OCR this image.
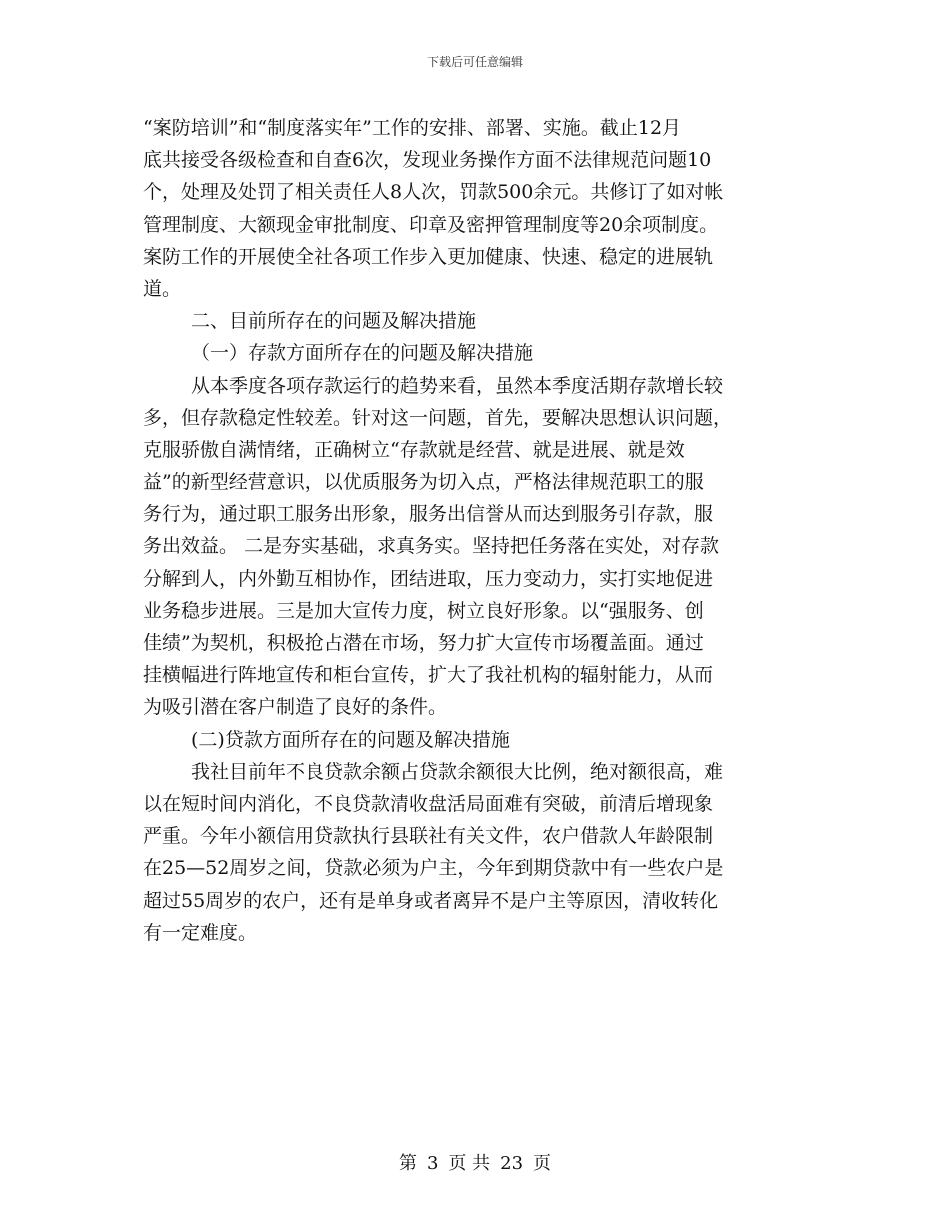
下载后可任意编辑
“案防培训”和“制度落实年”工作的安排、部署、实施。截止12月
底共接受各级检查和自查6次，发现业务操作方面不法律规范问题10
个，处理及处罚了相关责任人8人次，罚款500余元。共修订了如对帐
管理制度、大额现金审批制度、印章及密押管理制度等20余项制度。
案防工作的开展使全社各项工作步入更加健康、快速、稳定的进展轨
道。
二、目前所存在的问题及解决措施
（一）存款方面所存在的问题及解决措施
从本季度各项存款运行的趋势来看，虽然本季度活期存款增长较
多，但存款稳定性较差。针对这一问题，首先，要解决思想认识问题，
克服骄傲自满情绪，正确树立“存款就是经营、就是进展、就是效
益”的新型经营意识，以优质服务为切入点，严格法律规范职工的服
务行为，通过职工服务出形象，服务出信誉从而达到服务引存款，服
务出效益。 二是夯实基础，求真务实。坚持把任务落在实处，对存款
分解到人，内外勤互相协作，团结进取，压力变动力，实打实地促进
业务稳步进展。三是加大宣传力度，树立良好形象。以“强服务、创
佳绩”为契机，积极抢占潜在市场，努力扩大宣传市场覆盖面。通过
挂横幅进行阵地宣传和柜台宣传，扩大了我社机构的辐射能力，从而
为吸引潜在客户制造了良好的条件。
(二)贷款方面所存在的问题及解决措施
我社目前年不良贷款余额占贷款余额很大比例，绝对额很高，难
以在短时间内消化，不良贷款清收盘活局面难有突破，前清后增现象
严重。今年小额信用贷款执行县联社有关文件，农户借款人年龄限制
在25—52周岁之间，贷款必须为户主，今年到期贷款中有一些农户是
超过55周岁的农户，还有是单身或者离异不是户主等原因，清收转化
有一定难度。
第 3 页 共 23 页
